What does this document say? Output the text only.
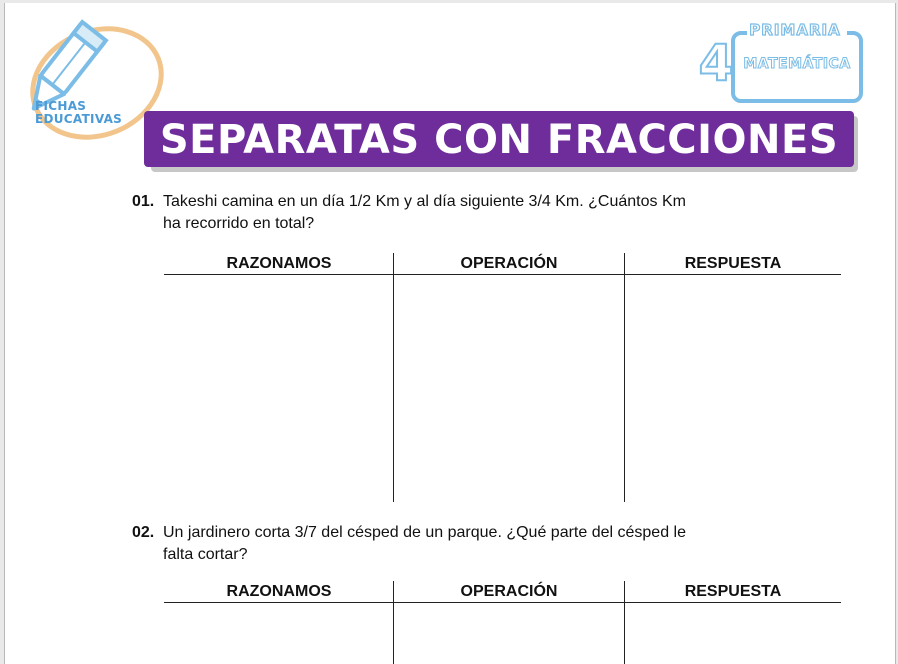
FICHAS
EDUCATIVAS
PRIMARIA
4 MATEMÁTICA
SEPARATAS CON FRACCIONES
01. Takeshi camina en un día 1/2 Km y al día siguiente 3/4 Km. ¿Cuántos Km
ha recorrido en total?
RAZONAMOS	OPERACIÓN	RESPUESTA
02. Un jardinero corta 3/7 del césped de un parque. ¿Qué parte del césped le
falta cortar?
RAZONAMOS	OPERACIÓN	RESPUESTA
